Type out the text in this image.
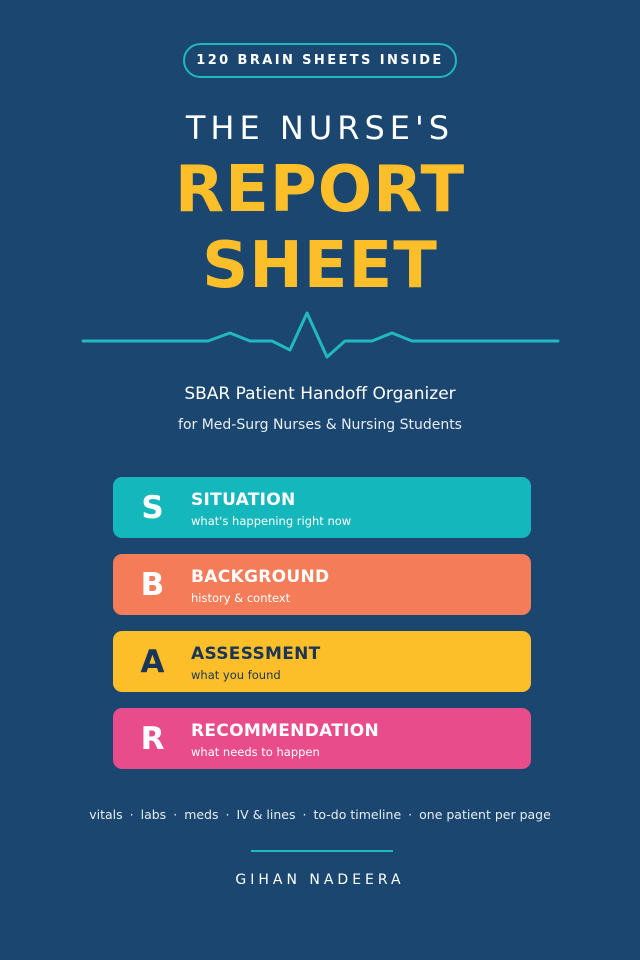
120 BRAIN SHEETS INSIDE
THE NURSE'S
REPORT
SHEET
SBAR Patient Handoff Organizer
for Med-Surg Nurses & Nursing Students
S	SITUATION
what's happening right now
B	BACKGROUND
history & context
A	ASSESSMENT
what you found
R	RECOMMENDATION
what needs to happen
vitals · labs · meds · IV & lines · to-do timeline · one patient per page
GIHAN NADEERA
